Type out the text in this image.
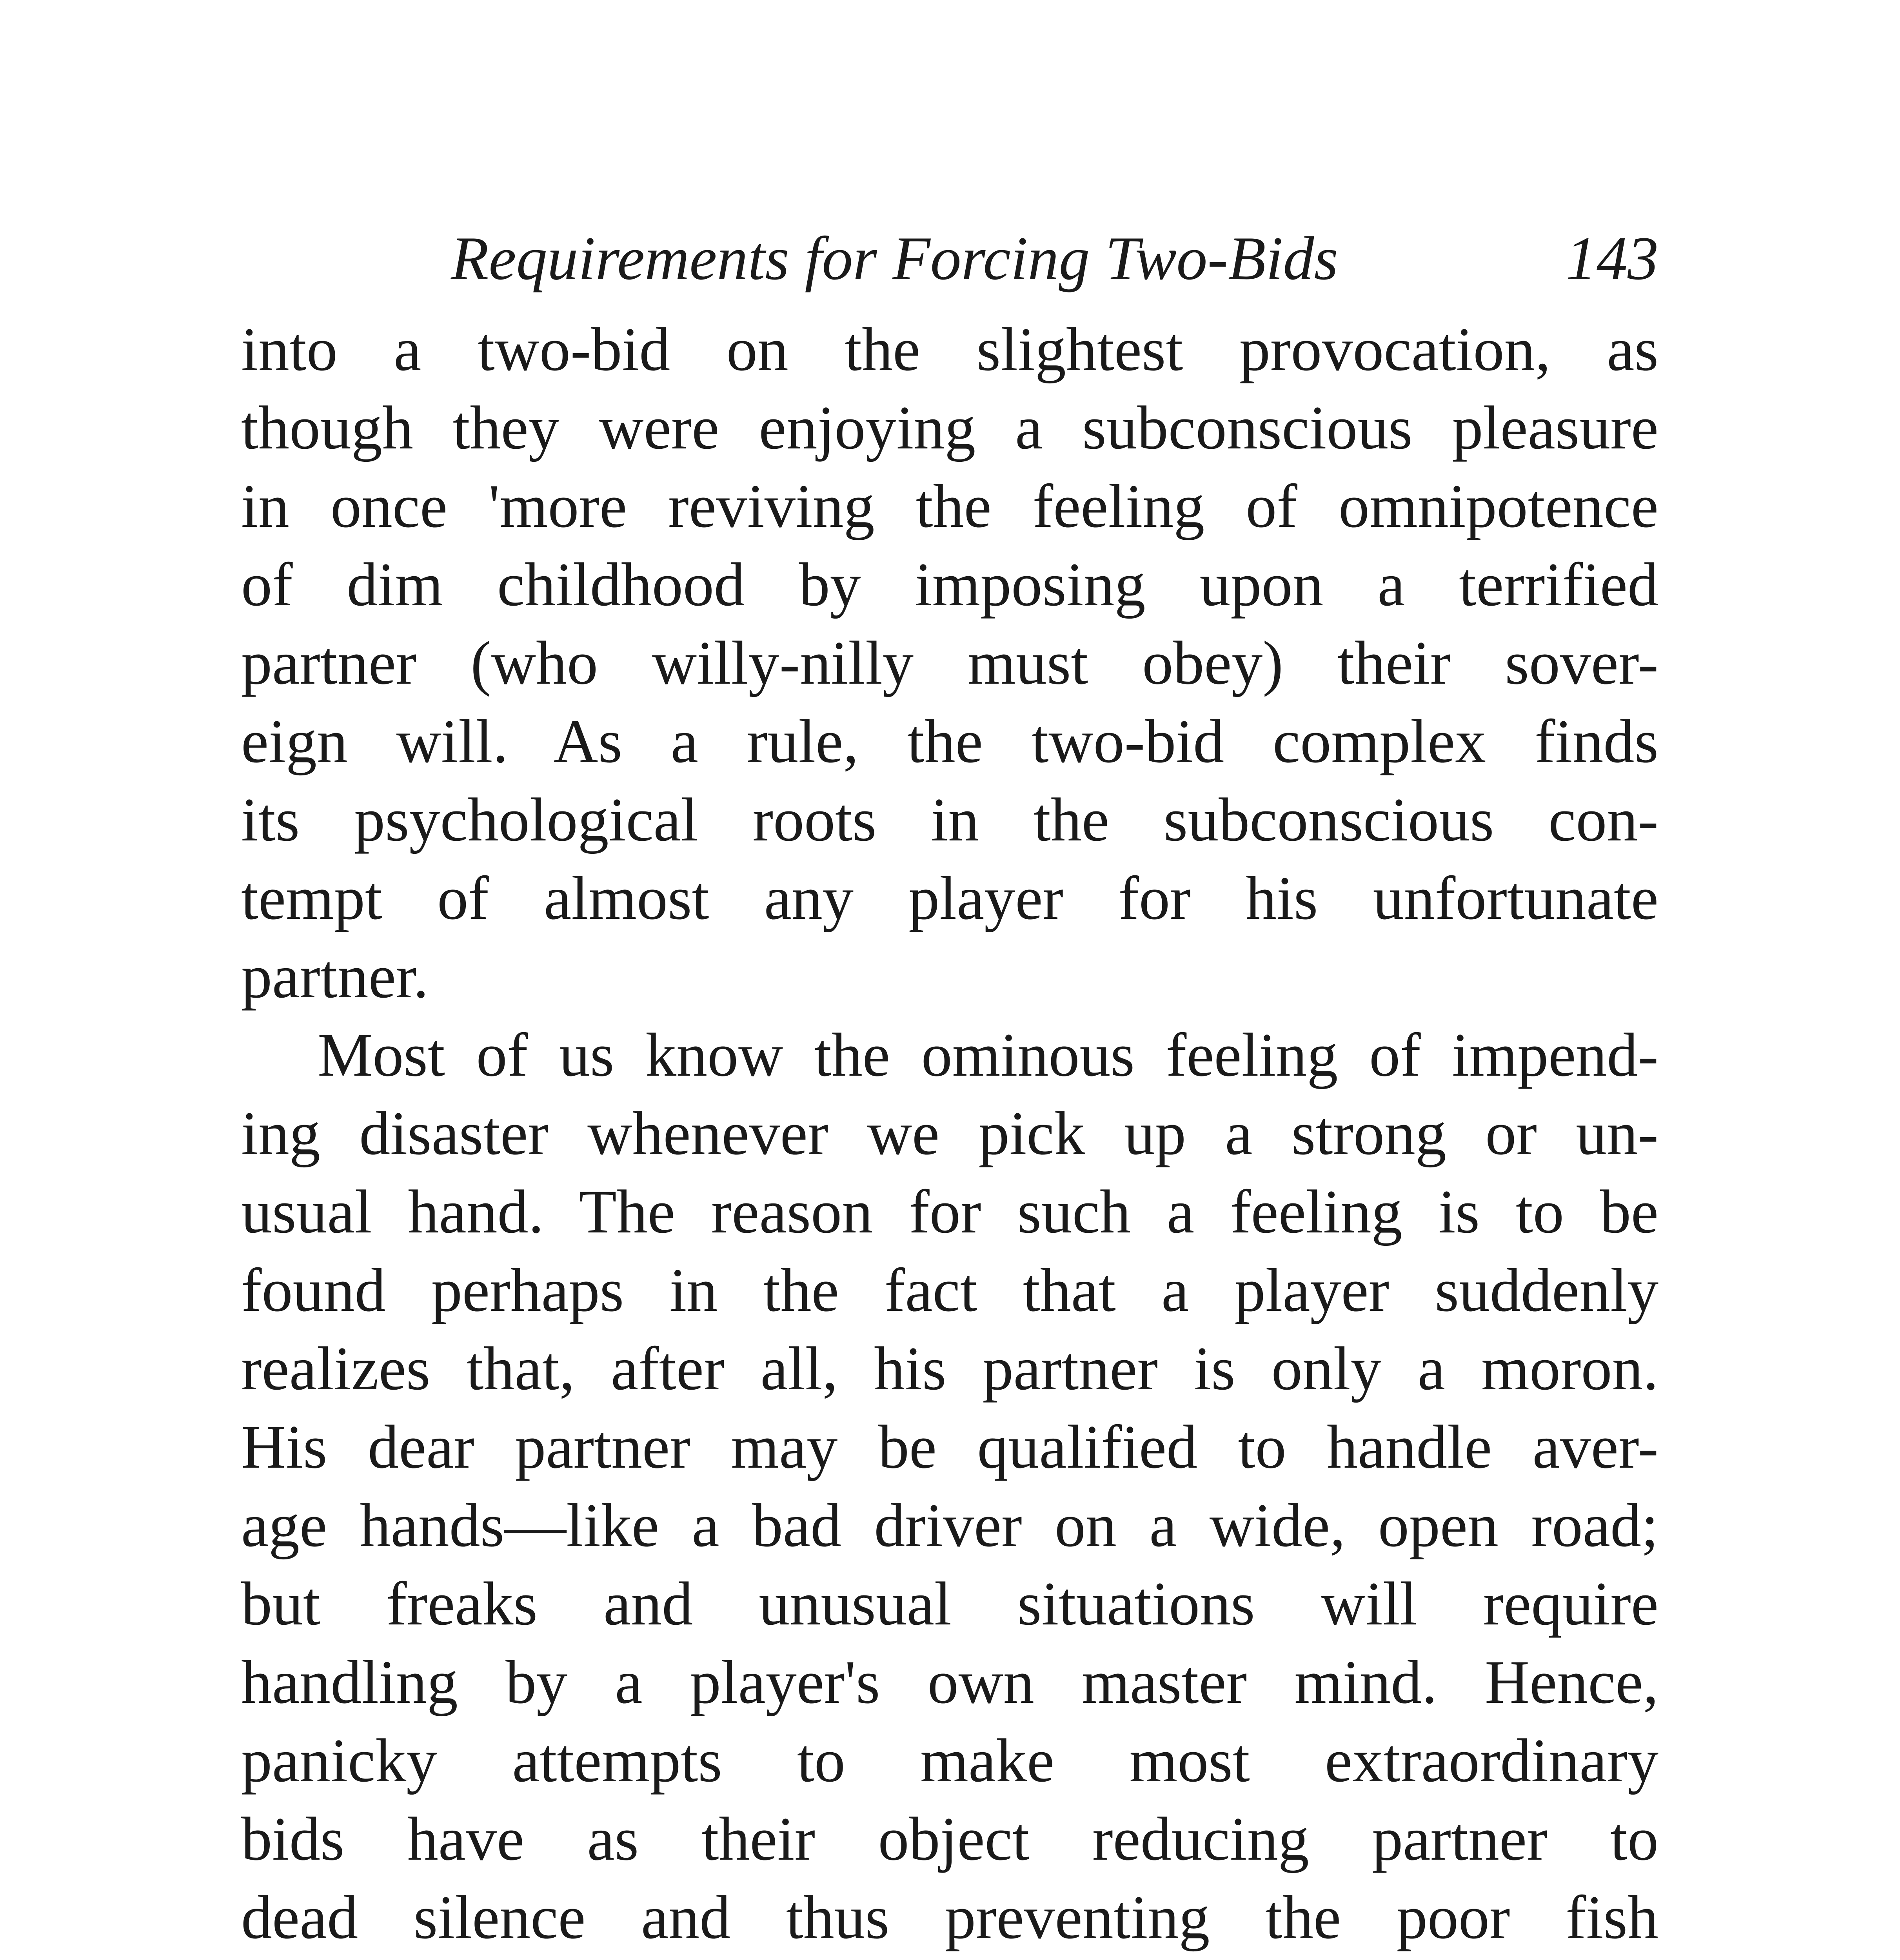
Requirements for Forcing Two-Bids	143
into a two-bid on the slightest provocation, as
though they were enjoying a subconscious pleasure
in once 'more reviving the feeling of omnipotence
of dim childhood by imposing upon a terrified
partner (who willy-nilly must obey) their sover-
eign will. As a rule, the two-bid complex finds
its psychological roots in the subconscious con-
tempt of almost any player for his unfortunate
partner.
Most of us know the ominous feeling of impend-
ing disaster whenever we pick up a strong or un-
usual hand. The reason for such a feeling is to be
found perhaps in the fact that a player suddenly
realizes that, after all, his partner is only a moron.
His dear partner may be qualified to handle aver-
age hands—like a bad driver on a wide, open road;
but freaks and unusual situations will require
handling by a player's own master mind. Hence,
panicky attempts to make most extraordinary
bids have as their object reducing partner to
dead silence and thus preventing the poor fish
